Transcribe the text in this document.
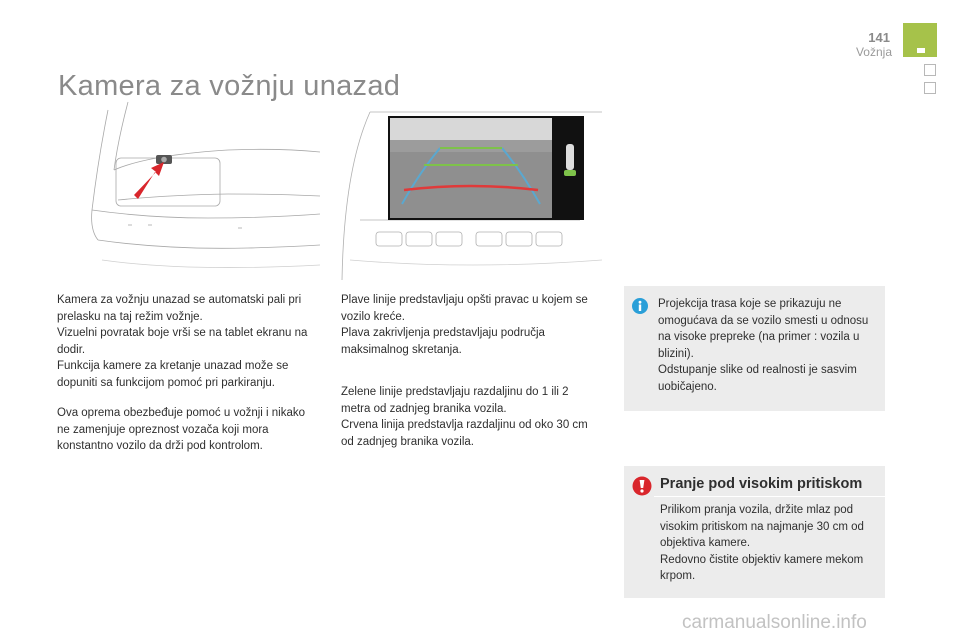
141
Vožnja
Kamera za vožnju unazad

Kamera za vožnju unazad se automatski pali pri prelasku na taj režim vožnje.
Vizuelni povratak boje vrši se na tablet ekranu na dodir.
Funkcija kamere za kretanje unazad može se dopuniti sa funkcijom pomoć pri parkiranju.

Ova oprema obezbeđuje pomoć u vožnji i nikako ne zamenjuje opreznost vozača koji mora konstantno vozilo da drži pod kontrolom.

Plave linije predstavljaju opšti pravac u kojem se vozilo kreće.
Plava zakrivljenja predstavljaju područja maksimalnog skretanja.

Zelene linije predstavljaju razdaljinu do 1 ili 2 metra od zadnjeg branika vozila.
Crvena linija predstavlja razdaljinu od oko 30 cm od zadnjeg branika vozila.

Projekcija trasa koje se prikazuju ne omogućava da se vozilo smesti u odnosu na visoke prepreke (na primer : vozila u blizini).
Odstupanje slike od realnosti je sasvim uobičajeno.
Pranje pod visokim pritiskom
Prilikom pranja vozila, držite mlaz pod visokim pritiskom na najmanje 30 cm od objektiva kamere.
Redovno čistite objektiv kamere mekom krpom.
carmanualsonline.info
